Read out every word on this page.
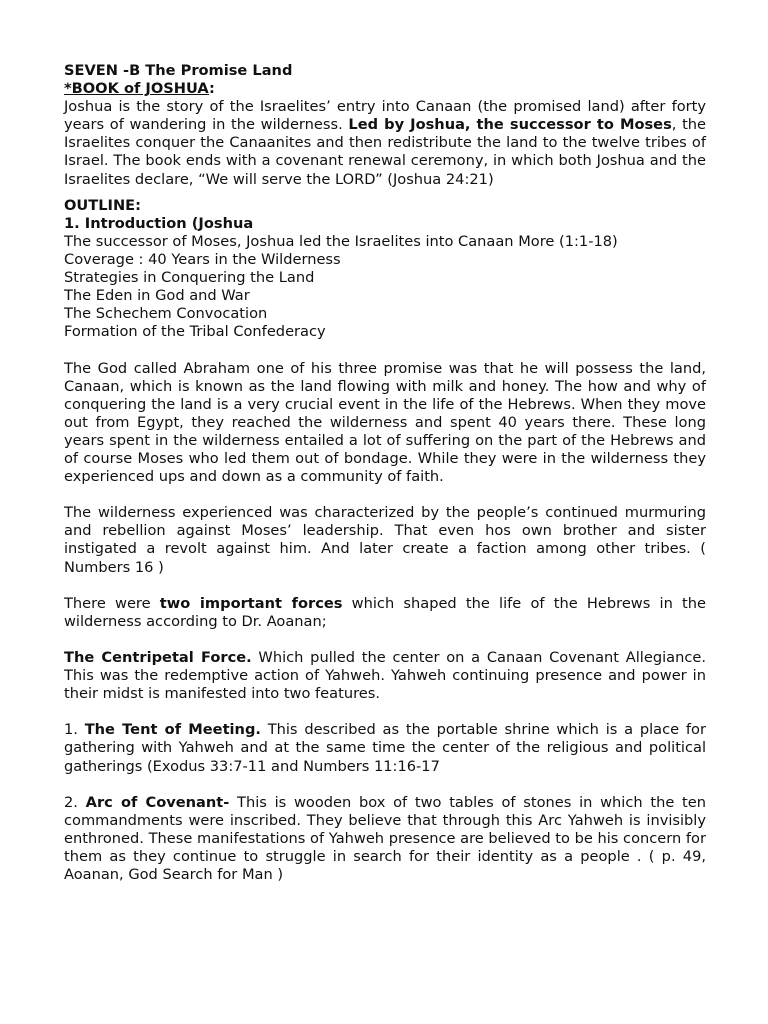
SEVEN -B The Promise Land

*BOOK of JOSHUA:

Joshua is the story of the Israelites’ entry into Canaan (the promised land) after forty years of wandering in the wilderness. Led by Joshua, the successor to Moses, the Israelites conquer the Canaanites and then redistribute the land to the twelve tribes of Israel. The book ends with a covenant renewal ceremony, in which both Joshua and the Israelites declare, “We will serve the LORD” (Joshua 24:21)

OUTLINE:

1. Introduction (Joshua

The successor of Moses, Joshua led the Israelites into Canaan More (1:1-18)
Coverage : 40 Years in the Wilderness
Strategies in Conquering the Land
The Eden in God and War
The Schechem Convocation
Formation of the Tribal Confederacy

The God called Abraham one of his three promise was that he will possess the land, Canaan, which is known as the land flowing with milk and honey. The how and why of conquering the land is a very crucial event in the life of the Hebrews. When they move out from Egypt, they reached the wilderness and spent 40 years there. These long years spent in the wilderness entailed a lot of suffering on the part of the Hebrews and of course Moses who led them out of bondage. While they were in the wilderness they experienced ups and down as a community of faith.

The wilderness experienced was characterized by the people’s continued murmuring and rebellion against Moses’ leadership. That even hos own brother and sister instigated a revolt against him. And later create a faction among other tribes. ( Numbers 16 )

There were two important forces which shaped the life of the Hebrews in the wilderness according to Dr. Aoanan;

The Centripetal Force. Which pulled the center on a Canaan Covenant Allegiance. This was the redemptive action of Yahweh. Yahweh continuing presence and power in their midst is manifested into two features.

1. The Tent of Meeting. This described as the portable shrine which is a place for gathering with Yahweh and at the same time the center of the religious and political gatherings (Exodus 33:7-11 and Numbers 11:16-17

2. Arc of Covenant- This is wooden box of two tables of stones in which the ten commandments were inscribed. They believe that through this Arc Yahweh is invisibly enthroned. These manifestations of Yahweh presence are believed to be his concern for them as they continue to struggle in search for their identity as a people . ( p. 49, Aoanan, God Search for Man )
